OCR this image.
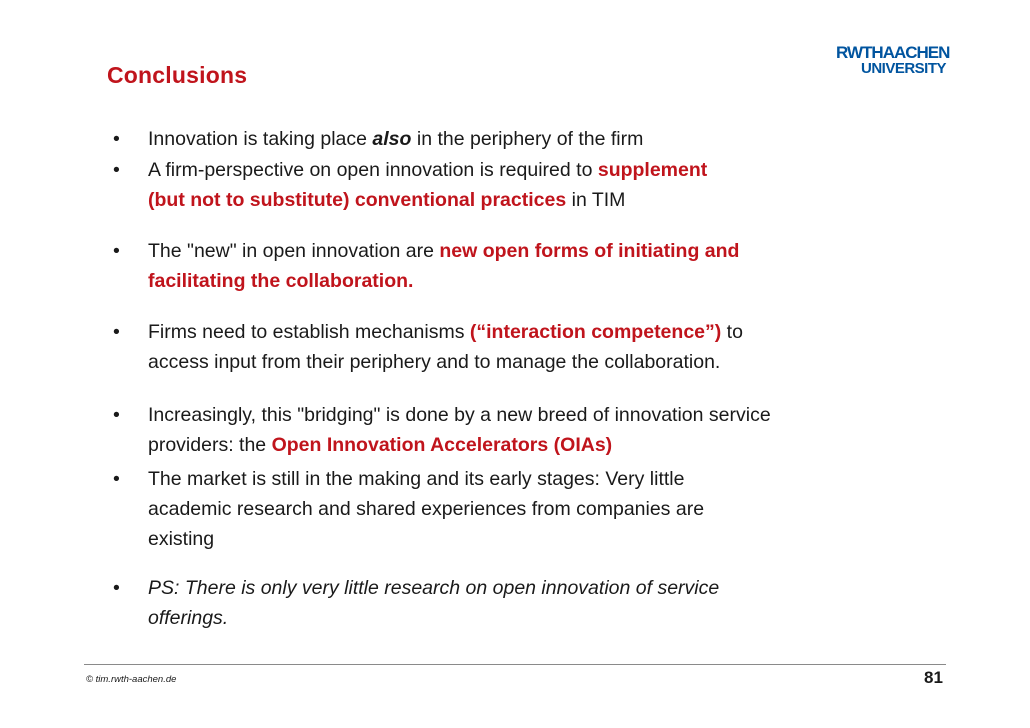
Conclusions
RWTHAACHEN
UNIVERSITY
•	Innovation is taking place also in the periphery of the firm
•	A firm-perspective on open innovation is required to supplement
(but not to substitute) conventional practices in TIM
•	The "new" in open innovation are new open forms of initiating and
facilitating the collaboration.
•	Firms need to establish mechanisms (“interaction competence”) to
access input from their periphery and to manage the collaboration.
•	Increasingly, this "bridging" is done by a new breed of innovation service
providers: the Open Innovation Accelerators (OIAs)
•	The market is still in the making and its early stages: Very little
academic research and shared experiences from companies are
existing
•	PS: There is only very little research on open innovation of service
offerings.
© tim.rwth-aachen.de	81
